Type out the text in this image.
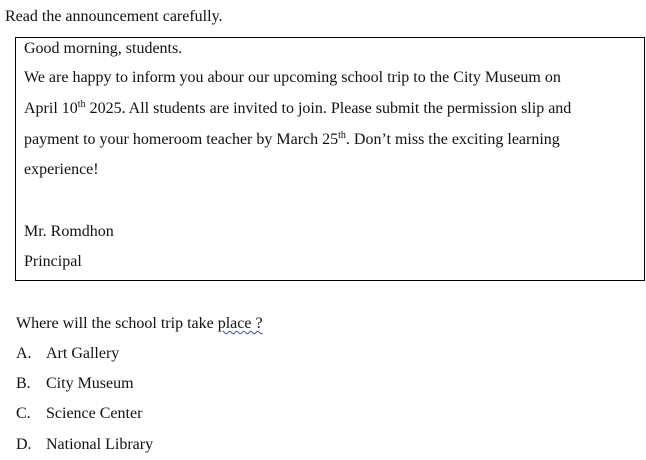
Read the announcement carefully.
Good morning, students.
We are happy to inform you abour our upcoming school trip to the City Museum on
April 10th 2025. All students are invited to join. Please submit the permission slip and
payment to your homeroom teacher by March 25th. Don’t miss the exciting learning
experience!
Mr. Romdhon
Principal
Where will the school trip take place ?
A. Art Gallery
B. City Museum
C. Science Center
D. National Library
